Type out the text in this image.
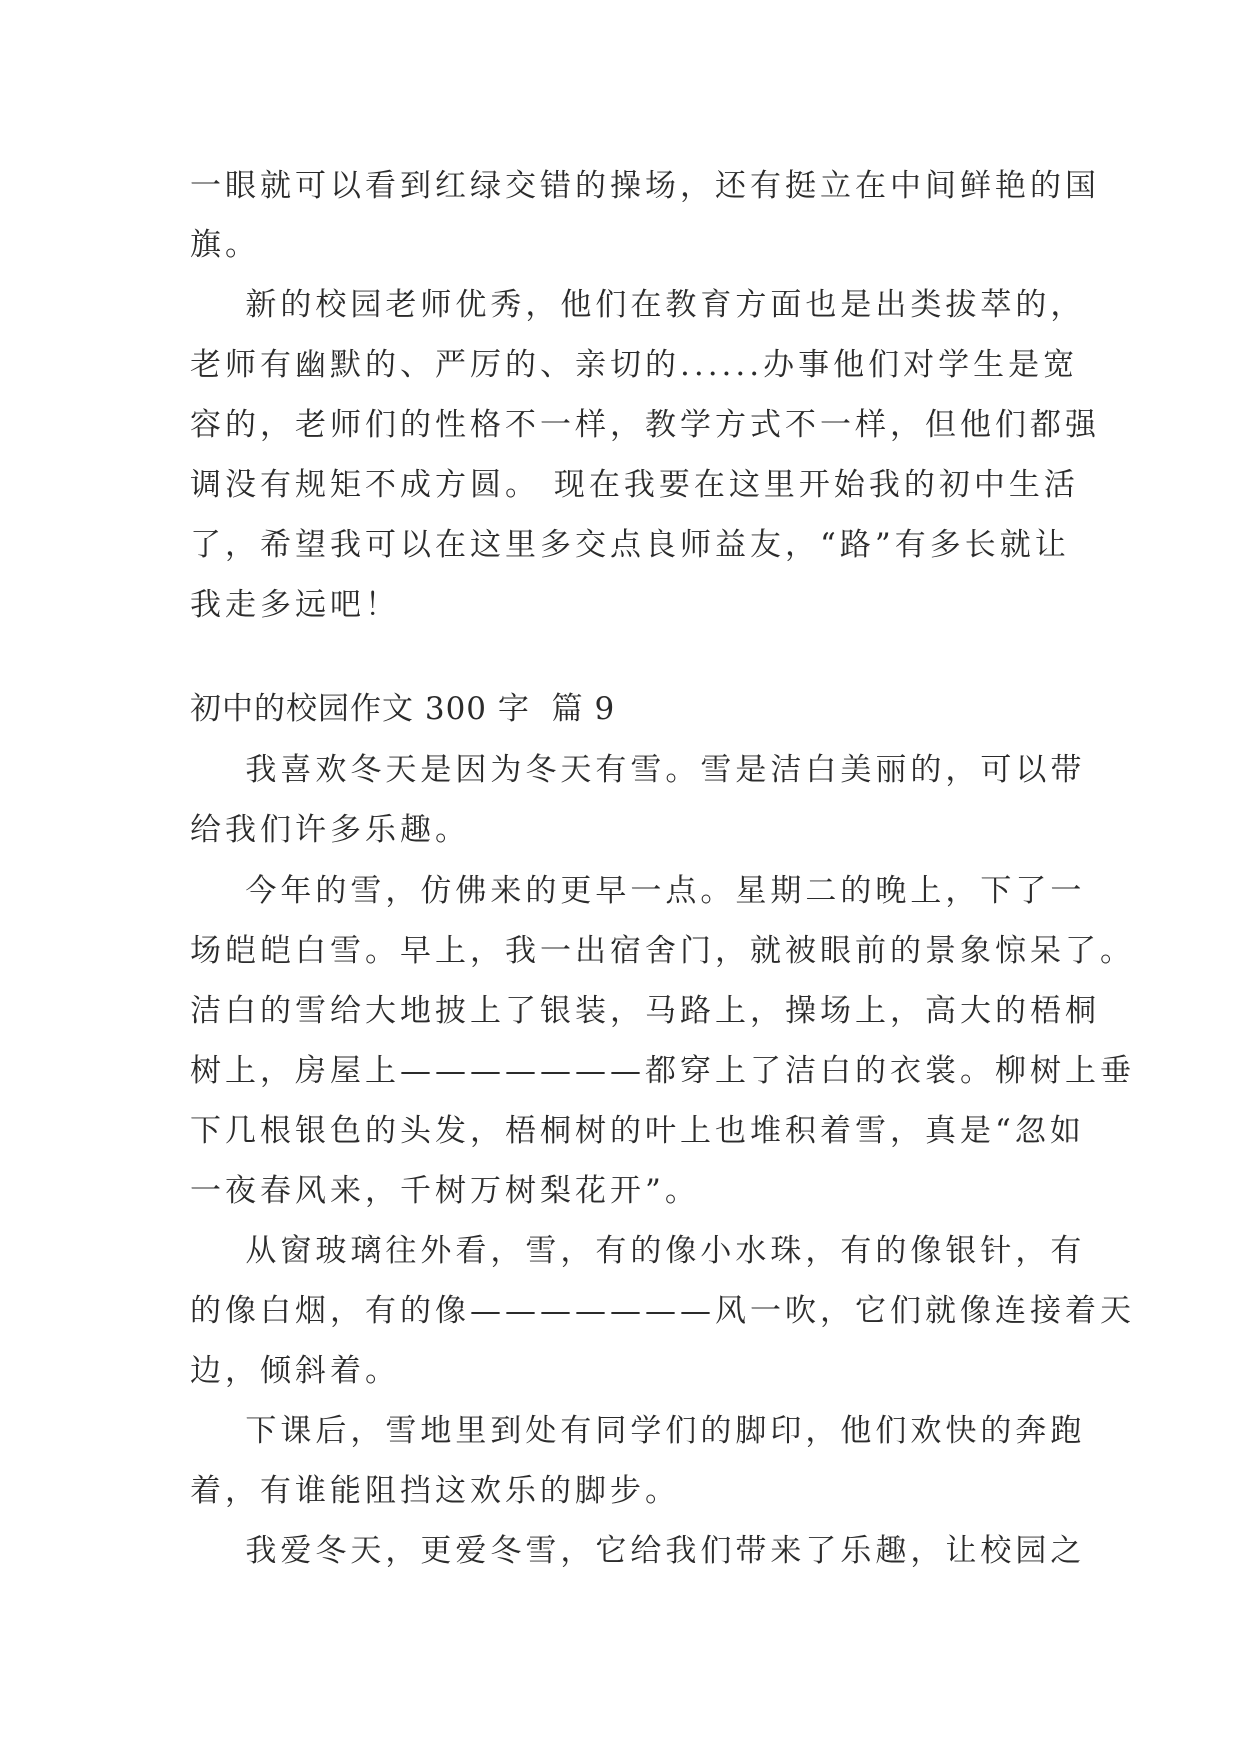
一眼就可以看到红绿交错的操场，还有挺立在中间鲜艳的国
旗。
新的校园老师优秀，他们在教育方面也是出类拔萃的，
老师有幽默的、严厉的、亲切的......办事他们对学生是宽
容的，老师们的性格不一样，教学方式不一样，但他们都强
调没有规矩不成方圆。 现在我要在这里开始我的初中生活
了，希望我可以在这里多交点良师益友，“路”有多长就让
我走多远吧！
初中的校园作文 300 字  篇 9
我喜欢冬天是因为冬天有雪。雪是洁白美丽的，可以带
给我们许多乐趣。
今年的雪，仿佛来的更早一点。星期二的晚上，下了一
场皑皑白雪。早上，我一出宿舍门，就被眼前的景象惊呆了。
洁白的雪给大地披上了银装，马路上，操场上，高大的梧桐
树上，房屋上———————都穿上了洁白的衣裳。柳树上垂
下几根银色的头发，梧桐树的叶上也堆积着雪，真是“忽如
一夜春风来，千树万树梨花开”。
从窗玻璃往外看，雪，有的像小水珠，有的像银针，有
的像白烟，有的像———————风一吹，它们就像连接着天
边，倾斜着。
下课后，雪地里到处有同学们的脚印，他们欢快的奔跑
着，有谁能阻挡这欢乐的脚步。
我爱冬天，更爱冬雪，它给我们带来了乐趣，让校园之
